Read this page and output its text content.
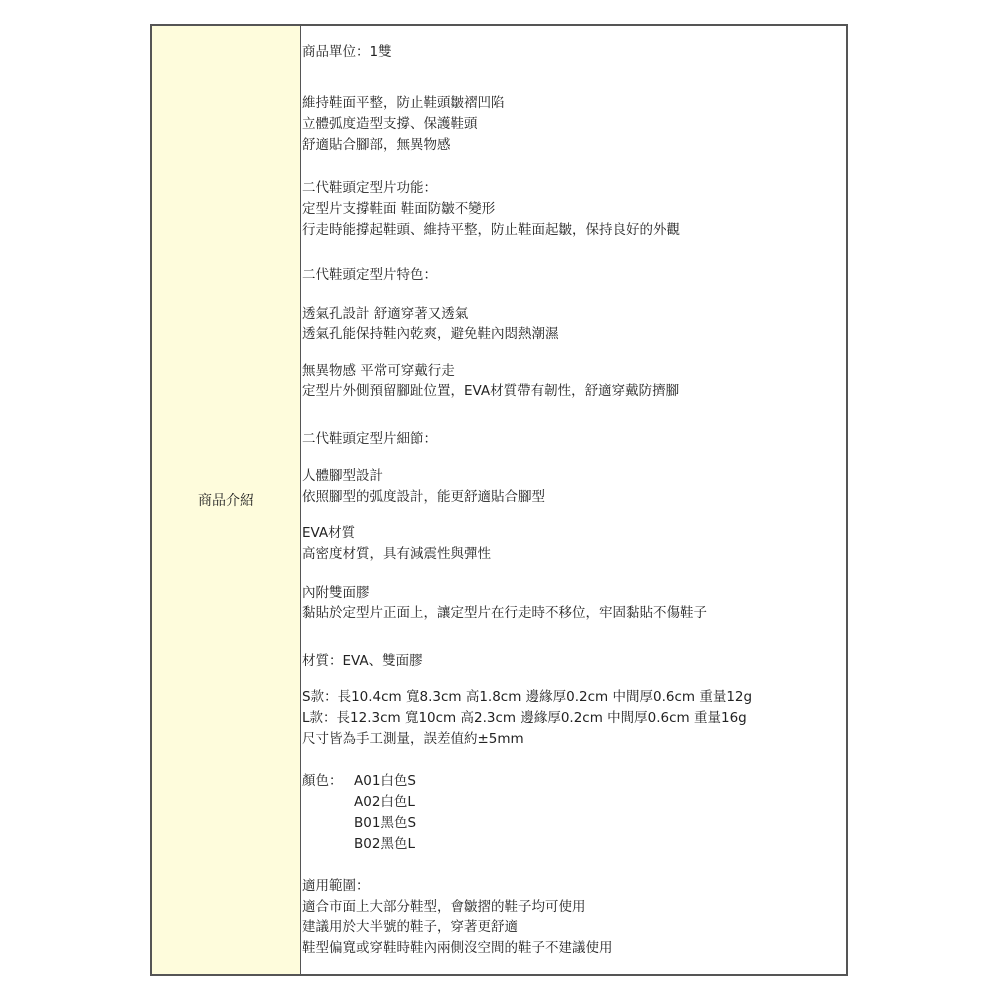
商品介紹
商品單位：1雙
維持鞋面平整，防止鞋頭皺褶凹陷
立體弧度造型支撐、保護鞋頭
舒適貼合腳部，無異物感
二代鞋頭定型片功能：
定型片支撐鞋面 鞋面防皺不變形
行走時能撐起鞋頭、維持平整，防止鞋面起皺，保持良好的外觀
二代鞋頭定型片特色：
透氣孔設計 舒適穿著又透氣
透氣孔能保持鞋內乾爽，避免鞋內悶熱潮濕
無異物感 平常可穿戴行走
定型片外側預留腳趾位置，EVA材質帶有韌性，舒適穿戴防擠腳
二代鞋頭定型片細節：
人體腳型設計
依照腳型的弧度設計，能更舒適貼合腳型
EVA材質
高密度材質，具有減震性與彈性
內附雙面膠
黏貼於定型片正面上，讓定型片在行走時不移位，牢固黏貼不傷鞋子
材質：EVA、雙面膠
S款：長10.4cm 寬8.3cm 高1.8cm 邊緣厚0.2cm 中間厚0.6cm 重量12g
L款：長12.3cm 寬10cm 高2.3cm 邊緣厚0.2cm 中間厚0.6cm 重量16g
尺寸皆為手工測量，誤差值約±5mm
顏色： A01白色S
A02白色L
B01黑色S
B02黑色L
適用範圍：
適合市面上大部分鞋型，會皺摺的鞋子均可使用
建議用於大半號的鞋子，穿著更舒適
鞋型偏寬或穿鞋時鞋內兩側沒空間的鞋子不建議使用
